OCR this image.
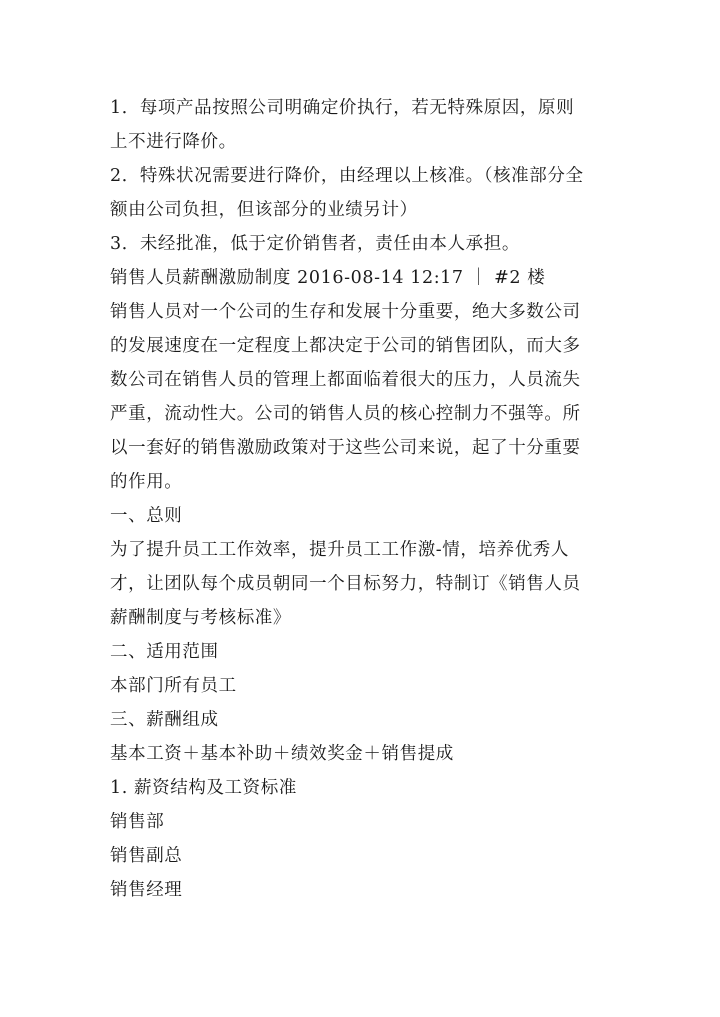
1．每项产品按照公司明确定价执行，若无特殊原因，原则
上不进行降价。
2．特殊状况需要进行降价，由经理以上核准。（核准部分全
额由公司负担，但该部分的业绩另计）
3．未经批准，低于定价销售者，责任由本人承担。
销售人员薪酬激励制度 2016-08-14 12:17 ｜ #2 楼
销售人员对一个公司的生存和发展十分重要，绝大多数公司
的发展速度在一定程度上都决定于公司的销售团队，而大多
数公司在销售人员的管理上都面临着很大的压力，人员流失
严重，流动性大。公司的销售人员的核心控制力不强等。所
以一套好的销售激励政策对于这些公司来说，起了十分重要
的作用。
一、总则
为了提升员工工作效率，提升员工工作激-情，培养优秀人
才，让团队每个成员朝同一个目标努力，特制订《销售人员
薪酬制度与考核标准》
二、适用范围
本部门所有员工
三、薪酬组成
基本工资＋基本补助＋绩效奖金＋销售提成
1. 薪资结构及工资标准
销售部
销售副总
销售经理
